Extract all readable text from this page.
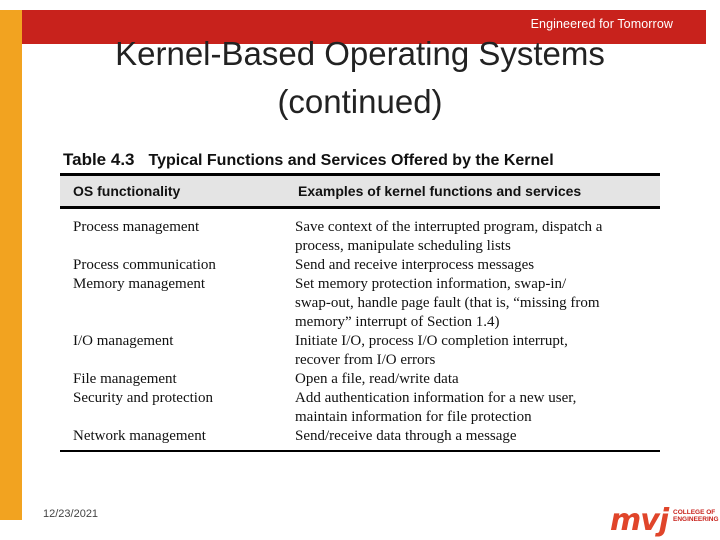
Engineered for Tomorrow
Kernel-Based Operating Systems
(continued)
Table 4.3 Typical Functions and Services Offered by the Kernel
OS functionality	Examples of kernel functions and services
Process management	Save context of the interrupted program, dispatch a
process, manipulate scheduling lists
Process communication	Send and receive interprocess messages
Memory management	Set memory protection information, swap-in/
swap-out, handle page fault (that is, “missing from
memory” interrupt of Section 1.4)
I/O management	Initiate I/O, process I/O completion interrupt,
recover from I/O errors
File management	Open a file, read/write data
Security and protection	Add authentication information for a new user,
maintain information for file protection
Network management	Send/receive data through a message
12/23/2021	mvj COLLEGE OF
ENGINEERING
